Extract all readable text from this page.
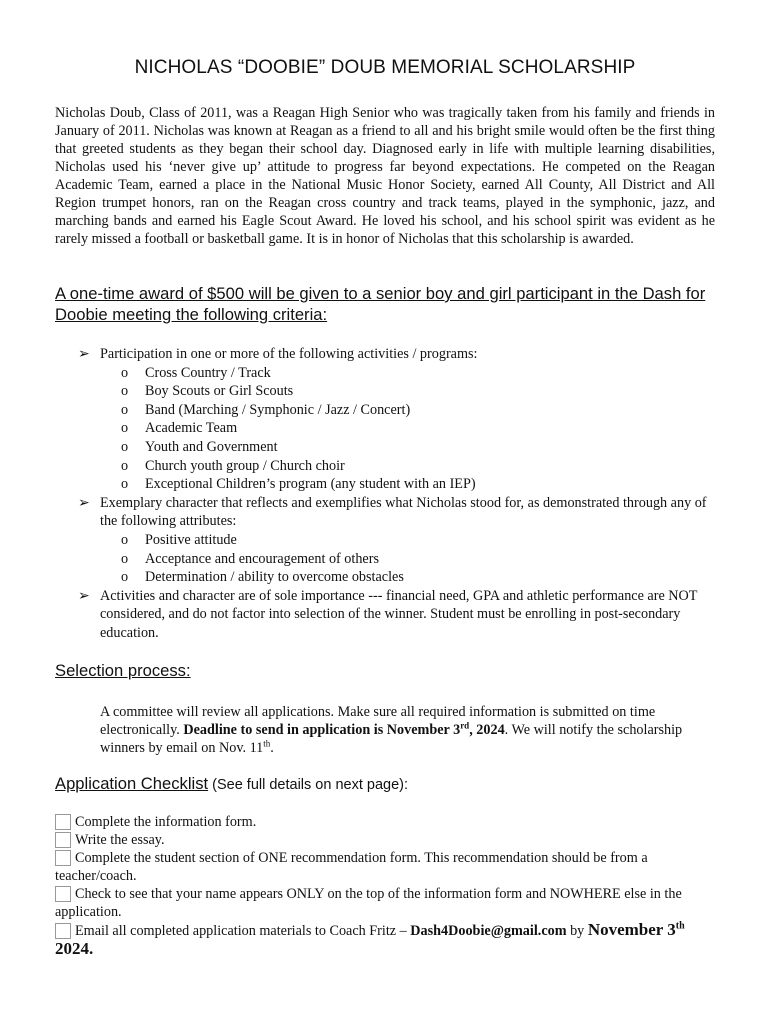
NICHOLAS “DOOBIE” DOUB MEMORIAL SCHOLARSHIP

Nicholas Doub, Class of 2011, was a Reagan High Senior who was tragically taken from his family and friends in January of 2011. Nicholas was known at Reagan as a friend to all and his bright smile would often be the first thing that greeted students as they began their school day. Diagnosed early in life with multiple learning disabilities, Nicholas used his ‘never give up’ attitude to progress far beyond expectations. He competed on the Reagan Academic Team, earned a place in the National Music Honor Society, earned All County, All District and All Region trumpet honors, ran on the Reagan cross country and track teams, played in the symphonic, jazz, and marching bands and earned his Eagle Scout Award. He loved his school, and his school spirit was evident as he rarely missed a football or basketball game. It is in honor of Nicholas that this scholarship is awarded.

A one-time award of $500 will be given to a senior boy and girl participant in the Dash for Doobie meeting the following criteria:
➢ Participation in one or more of the following activities / programs:
o	Cross Country / Track
o	Boy Scouts or Girl Scouts
o	Band (Marching / Symphonic / Jazz / Concert)
o	Academic Team
o	Youth and Government
o	Church youth group / Church choir
o	Exceptional Children’s program (any student with an IEP)
➢ Exemplary character that reflects and exemplifies what Nicholas stood for, as demonstrated through any of the following attributes:
o	Positive attitude
o	Acceptance and encouragement of others
o	Determination / ability to overcome obstacles
➢ Activities and character are of sole importance --- financial need, GPA and athletic performance are NOT considered, and do not factor into selection of the winner. Student must be enrolling in post-secondary education.
Selection process:
A committee will review all applications. Make sure all required information is submitted on time electronically. Deadline to send in application is November 3rd, 2024. We will notify the scholarship winners by email on Nov. 11th.
Application Checklist (See full details on next page):

Complete the information form.

Write the essay.

Complete the student section of ONE recommendation form. This recommendation should be from a teacher/coach.

Check to see that your name appears ONLY on the top of the information form and NOWHERE else in the application.

Email all completed application materials to Coach Fritz – Dash4Doobie@gmail.com by November 3th 2024.
